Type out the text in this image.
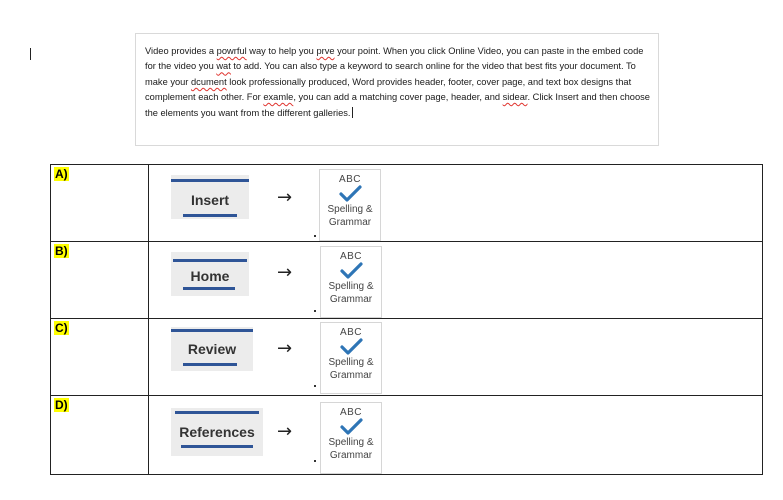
Video provides a powrful way to help you prve your point. When you click Online Video, you can paste in the embed code for the video you wat to add. You can also type a keyword to search online for the video that best fits your document. To make your dcument look professionally produced, Word provides header, footer, cover page, and text box designs that complement each other. For examle, you can add a matching cover page, header, and sidear. Click Insert and then choose the elements you want from the different galleries.
A)	Insert →
ABC
Spelling &
Grammar

B)	Home →
ABC
Spelling &
Grammar

C)	Review →
ABC
Spelling &
Grammar

D)	References →
ABC
Spelling &
Grammar
